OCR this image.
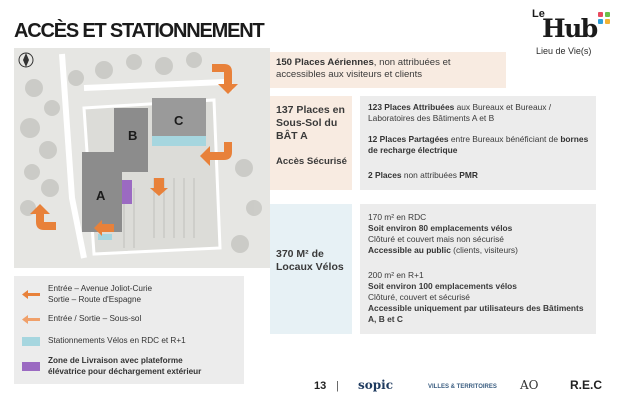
ACCÈS ET STATIONNEMENT
Le
Hub
Lieu de Vie(s)
B
C
A
150 Places Aériennes, non attribuées et accessibles aux visiteurs et clients
137 Places en Sous-Sol du BÂT A
Accès Sécurisé
123 Places Attribuées aux Bureaux et Bureaux / Laboratoires des Bâtiments A et B
12 Places Partagées entre Bureaux bénéficiant de bornes de recharge électrique
2 Places non attribuées PMR
370 M² de Locaux Vélos
170 m² en RDC
Soit environ 80 emplacements vélos
Clôturé et couvert mais non sécurisé
Accessible au public (clients, visiteurs)
200 m² en R+1
Soit environ 100 emplacements vélos
Clôturé, couvert et sécurisé
Accessible uniquement par utilisateurs des Bâtiments A, B et C
Entrée – Avenue Joliot-Curie
Sortie – Route d'Espagne
Entrée / Sortie – Sous-sol
Stationnements Vélos en RDC et R+1
Zone de Livraison avec plateforme
élévatrice pour déchargement extérieur
13 | sopic	VILLES & TERRITOIRES AO	R.E.C
